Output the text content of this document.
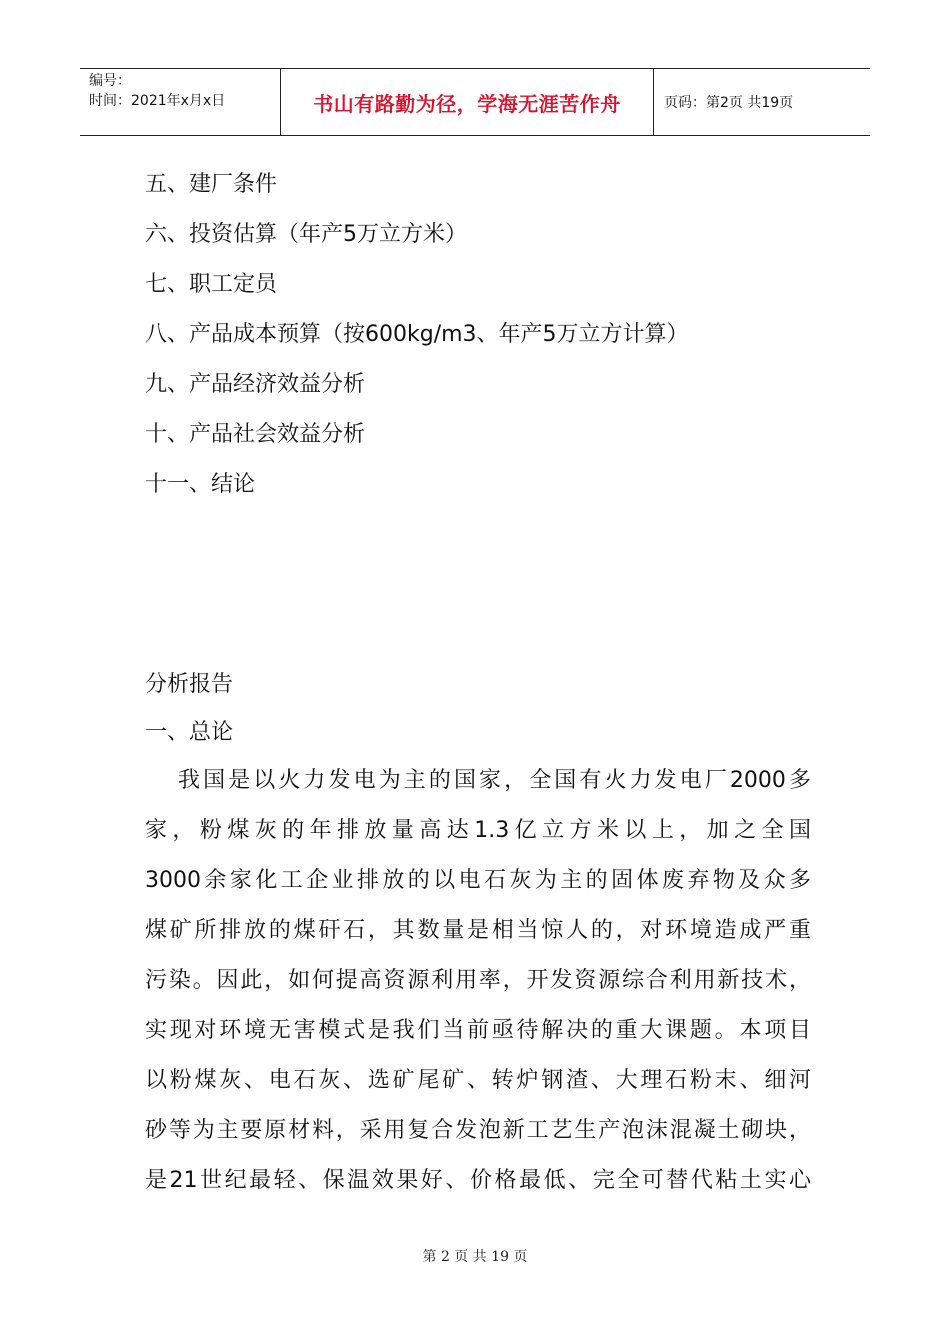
编号：
时间：2021年x月x日	书山有路勤为径，学海无涯苦作舟	页码：第2页 共19页
五、建厂条件
六、投资估算（年产5万立方米）
七、职工定员
八、产品成本预算（按600kg/m3、年产5万立方计算）
九、产品经济效益分析
十、产品社会效益分析
十一、结论
分析报告
一、总论
我国是以火力发电为主的国家，全国有火力发电厂2000多
家，粉煤灰的年排放量高达1.3亿立方米以上，加之全国
3000余家化工企业排放的以电石灰为主的固体废弃物及众多
煤矿所排放的煤矸石，其数量是相当惊人的，对环境造成严重
污染。因此，如何提高资源利用率，开发资源综合利用新技术，
实现对环境无害模式是我们当前亟待解决的重大课题。本项目
以粉煤灰、电石灰、选矿尾矿、转炉钢渣、大理石粉末、细河
砂等为主要原材料，采用复合发泡新工艺生产泡沫混凝土砌块，
是21世纪最轻、保温效果好、价格最低、完全可替代粘土实心
第 2 页 共 19 页
